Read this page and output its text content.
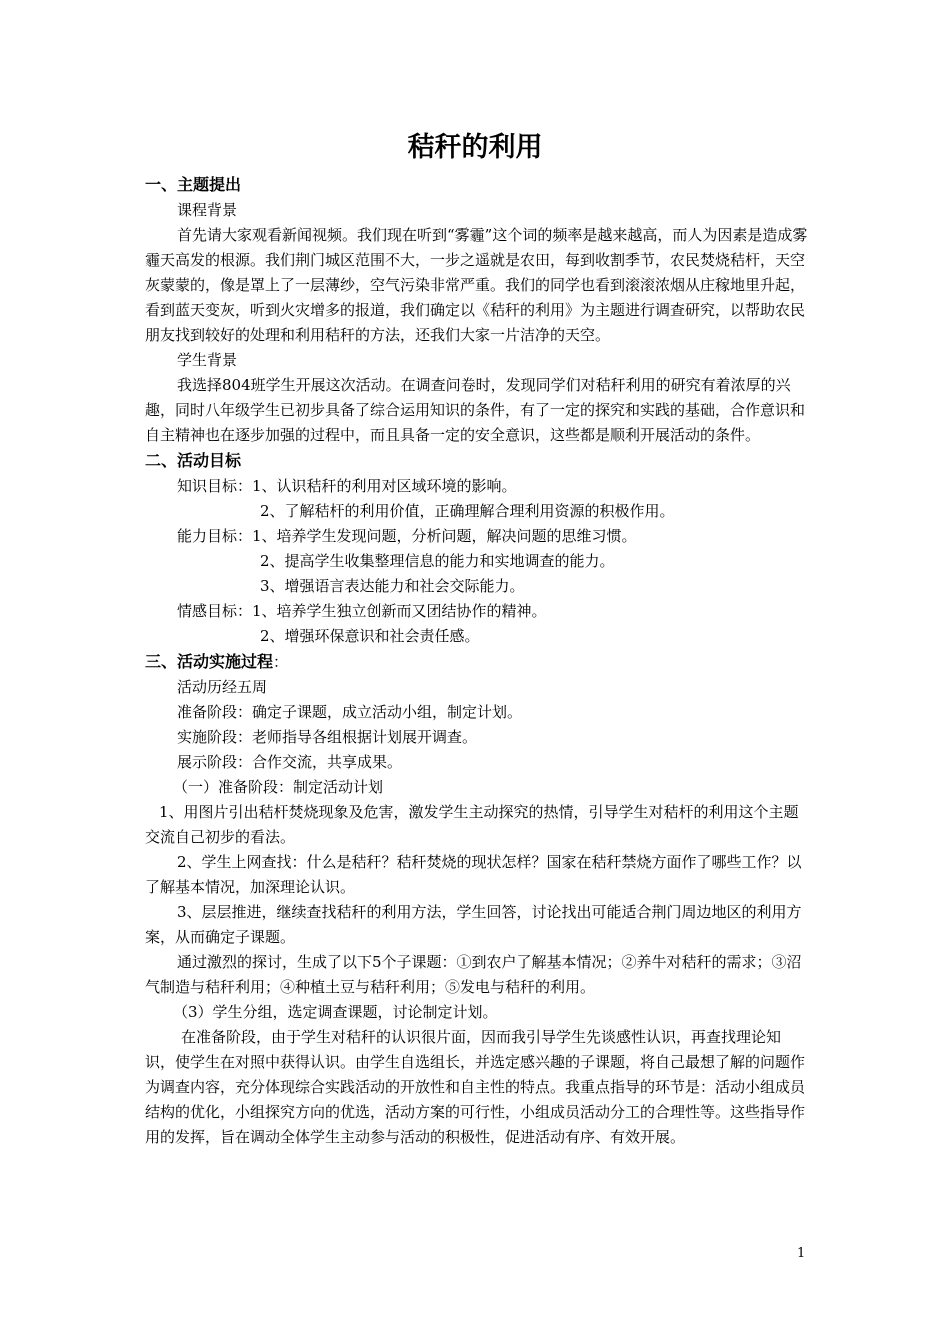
秸秆的利用

一、主题提出

课程背景

首先请大家观看新闻视频。我们现在听到“雾霾”这个词的频率是越来越高，而人为因素是造成雾霾天高发的根源。我们荆门城区范围不大，一步之遥就是农田，每到收割季节，农民焚烧秸杆，天空灰蒙蒙的，像是罩上了一层薄纱，空气污染非常严重。我们的同学也看到滚滚浓烟从庄稼地里升起，看到蓝天变灰，听到火灾增多的报道，我们确定以《秸秆的利用》为主题进行调查研究，以帮助农民朋友找到较好的处理和利用秸秆的方法，还我们大家一片洁净的天空。

学生背景

我选择804班学生开展这次活动。在调查问卷时，发现同学们对秸秆利用的研究有着浓厚的兴趣，同时八年级学生已初步具备了综合运用知识的条件，有了一定的探究和实践的基础，合作意识和自主精神也在逐步加强的过程中，而且具备一定的安全意识，这些都是顺利开展活动的条件。

二、活动目标

知识目标：1、认识秸秆的利用对区域环境的影响。

2、了解秸杆的利用价值，正确理解合理利用资源的积极作用。

能力目标：1、培养学生发现问题，分析问题，解决问题的思维习惯。

2、提高学生收集整理信息的能力和实地调查的能力。

3、增强语言表达能力和社会交际能力。

情感目标：1、培养学生独立创新而又团结协作的精神。

2、增强环保意识和社会责任感。

三、活动实施过程：

活动历经五周

准备阶段：确定子课题，成立活动小组，制定计划。

实施阶段：老师指导各组根据计划展开调查。

展示阶段：合作交流，共享成果。

（一）准备阶段：制定活动计划

1、用图片引出秸杆焚烧现象及危害，激发学生主动探究的热情，引导学生对秸杆的利用这个主题交流自己初步的看法。

2、学生上网查找：什么是秸秆？秸秆焚烧的现状怎样？国家在秸秆禁烧方面作了哪些工作？以了解基本情况，加深理论认识。

3、层层推进，继续查找秸秆的利用方法，学生回答，讨论找出可能适合荆门周边地区的利用方案，从而确定子课题。

通过激烈的探讨，生成了以下5个子课题：①到农户了解基本情况；②养牛对秸秆的需求；③沼气制造与秸秆利用；④种植土豆与秸秆利用；⑤发电与秸秆的利用。

（3）学生分组，选定调查课题，讨论制定计划。

在准备阶段，由于学生对秸秆的认识很片面，因而我引导学生先谈感性认识，再查找理论知识，使学生在对照中获得认识。由学生自选组长，并选定感兴趣的子课题，将自己最想了解的问题作为调查内容，充分体现综合实践活动的开放性和自主性的特点。我重点指导的环节是：活动小组成员结构的优化，小组探究方向的优选，活动方案的可行性，小组成员活动分工的合理性等。这些指导作用的发挥，旨在调动全体学生主动参与活动的积极性，促进活动有序、有效开展。

1
